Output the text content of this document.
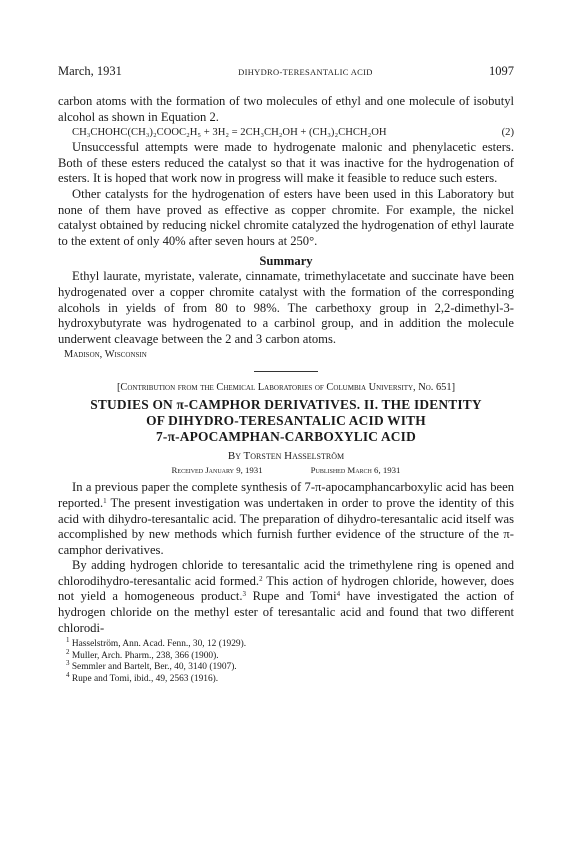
March, 1931	DIHYDRO-TERESANTALIC ACID	1097

carbon atoms with the formation of two molecules of ethyl and one molecule of isobutyl alcohol as shown in Equation 2.

CH₃CHOHC(CH₃)₂COOC₂H₅ + 3H₂ = 2CH₃CH₂OH + (CH₃)₂CHCH₂OH	(2)

Unsuccessful attempts were made to hydrogenate malonic and phenylacetic esters. Both of these esters reduced the catalyst so that it was inactive for the hydrogenation of esters. It is hoped that work now in progress will make it feasible to reduce such esters.

Other catalysts for the hydrogenation of esters have been used in this Laboratory but none of them have proved as effective as copper chromite. For example, the nickel catalyst obtained by reducing nickel chromite catalyzed the hydrogenation of ethyl laurate to the extent of only 40% after seven hours at 250°.

Summary

Ethyl laurate, myristate, valerate, cinnamate, trimethylacetate and succinate have been hydrogenated over a copper chromite catalyst with the formation of the corresponding alcohols in yields of from 80 to 98%. The carbethoxy group in 2,2-dimethyl-3-hydroxybutyrate was hydrogenated to a carbinol group, and in addition the molecule underwent cleavage between the 2 and 3 carbon atoms.

Madison, Wisconsin
[Contribution from the Chemical Laboratories of Columbia University, No. 651]
STUDIES ON π-CAMPHOR DERIVATIVES. II. THE IDENTITY
OF DIHYDRO-TERESANTALIC ACID WITH
7-π-APOCAMPHAN-CARBOXYLIC ACID
By Torsten Hasselström
Received January 9, 1931	Published March 6, 1931

In a previous paper the complete synthesis of 7-π-apocamphancarboxylic acid has been reported.$^1$ The present investigation was undertaken in order to prove the identity of this acid with dihydro-teresantalic acid. The preparation of dihydro-teresantalic acid itself was accomplished by new methods which furnish further evidence of the structure of the π-camphor derivatives.

By adding hydrogen chloride to teresantalic acid the trimethylene ring is opened and chlorodihydro-teresantalic acid formed.$^2$ This action of hydrogen chloride, however, does not yield a homogeneous product.$^3$ Rupe and Tomi$^4$ have investigated the action of hydrogen chloride on the methyl ester of teresantalic acid and found that two different chlorodi-

$^1$ Hasselström, Ann. Acad. Fenn., 30, 12 (1929).
$^2$ Muller, Arch. Pharm., 238, 366 (1900).
$^3$ Semmler and Bartelt, Ber., 40, 3140 (1907).
$^4$ Rupe and Tomi, ibid., 49, 2563 (1916).
